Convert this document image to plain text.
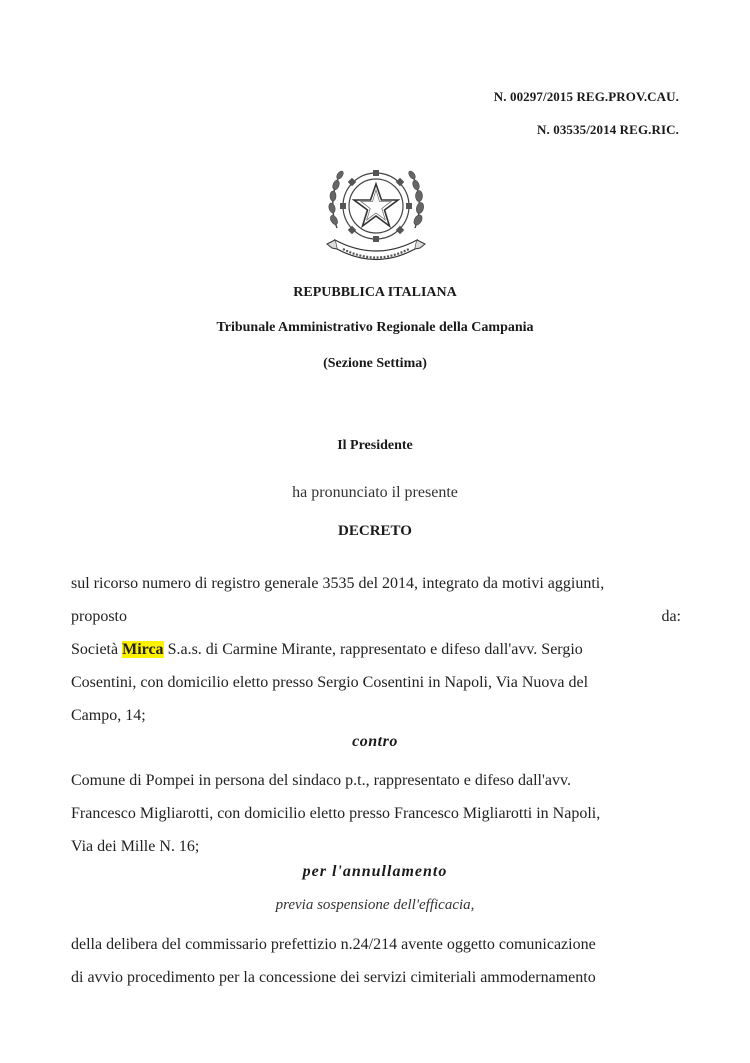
N. 00297/2015 REG.PROV.CAU.
N. 03535/2014 REG.RIC.
REPUBBLICA ITALIANA
Tribunale Amministrativo Regionale della Campania
(Sezione Settima)
Il Presidente
ha pronunciato il presente
DECRETO
sul ricorso numero di registro generale 3535 del 2014, integrato da motivi aggiunti,
proposto	da:
Società Mirca S.a.s. di Carmine Mirante, rappresentato e difeso dall'avv. Sergio
Cosentini, con domicilio eletto presso Sergio Cosentini in Napoli, Via Nuova del
Campo, 14;
contro
Comune di Pompei in persona del sindaco p.t., rappresentato e difeso dall'avv.
Francesco Migliarotti, con domicilio eletto presso Francesco Migliarotti in Napoli,
Via dei Mille N. 16;
per l'annullamento
previa sospensione dell'efficacia,
della delibera del commissario prefettizio n.24/214 avente oggetto comunicazione
di avvio procedimento per la concessione dei servizi cimiteriali ammodernamento
